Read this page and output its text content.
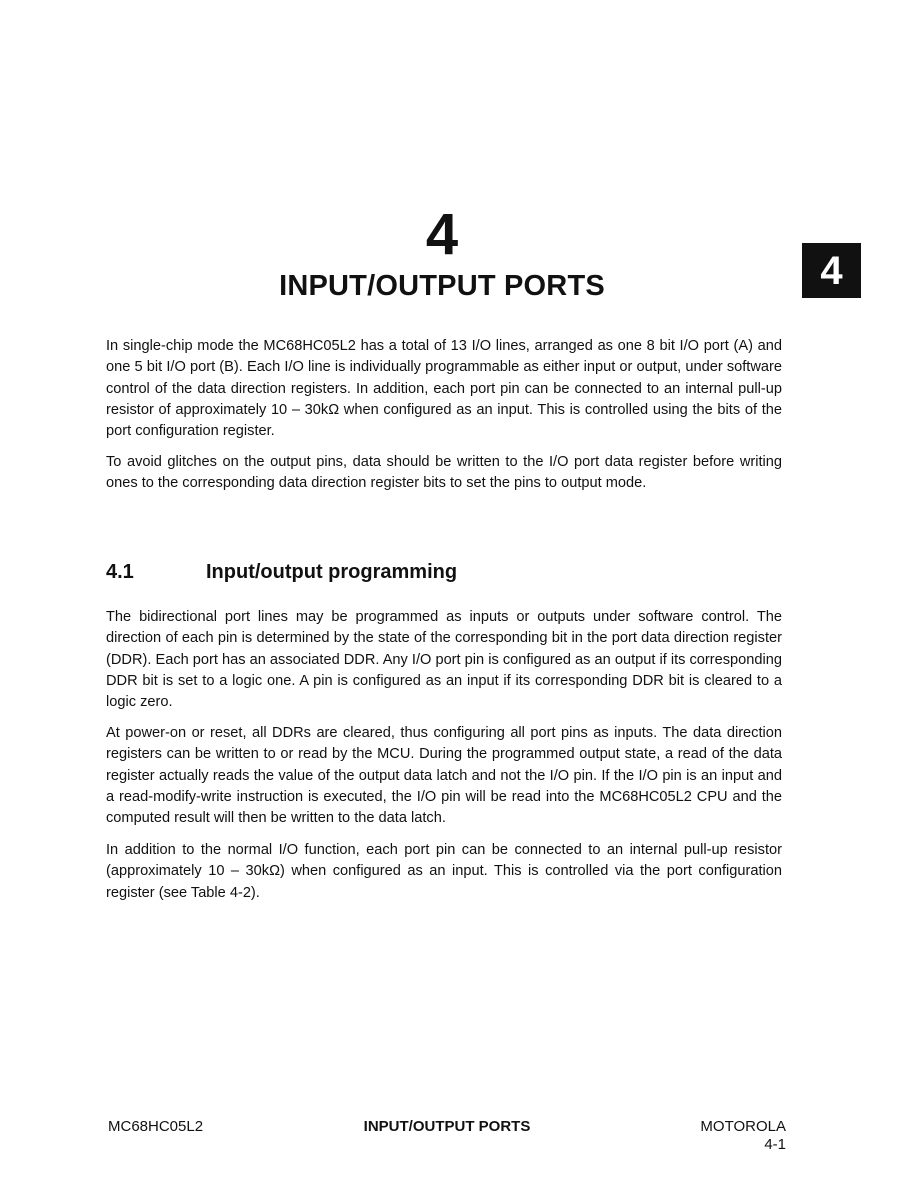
4
INPUT/OUTPUT PORTS	4

In single-chip mode the MC68HC05L2 has a total of 13 I/O lines, arranged as one 8 bit I/O port (A) and one 5 bit I/O port (B). Each I/O line is individually programmable as either input or output, under software control of the data direction registers. In addition, each port pin can be connected to an internal pull-up resistor of approximately 10 – 30kΩ when configured as an input. This is controlled using the bits of the port configuration register.

To avoid glitches on the output pins, data should be written to the I/O port data register before writing ones to the corresponding data direction register bits to set the pins to output mode.

4.1	Input/output programming

The bidirectional port lines may be programmed as inputs or outputs under software control. The direction of each pin is determined by the state of the corresponding bit in the port data direction register (DDR). Each port has an associated DDR. Any I/O port pin is configured as an output if its corresponding DDR bit is set to a logic one. A pin is configured as an input if its corresponding DDR bit is cleared to a logic zero.

At power-on or reset, all DDRs are cleared, thus configuring all port pins as inputs. The data direction registers can be written to or read by the MCU. During the programmed output state, a read of the data register actually reads the value of the output data latch and not the I/O pin. If the I/O pin is an input and a read-modify-write instruction is executed, the I/O pin will be read into the MC68HC05L2 CPU and the computed result will then be written to the data latch.

In addition to the normal I/O function, each port pin can be connected to an internal pull-up resistor (approximately 10 – 30kΩ) when configured as an input. This is controlled via the port configuration register (see Table 4-2).

MC68HC05L2	INPUT/OUTPUT PORTS	MOTOROLA
4-1
